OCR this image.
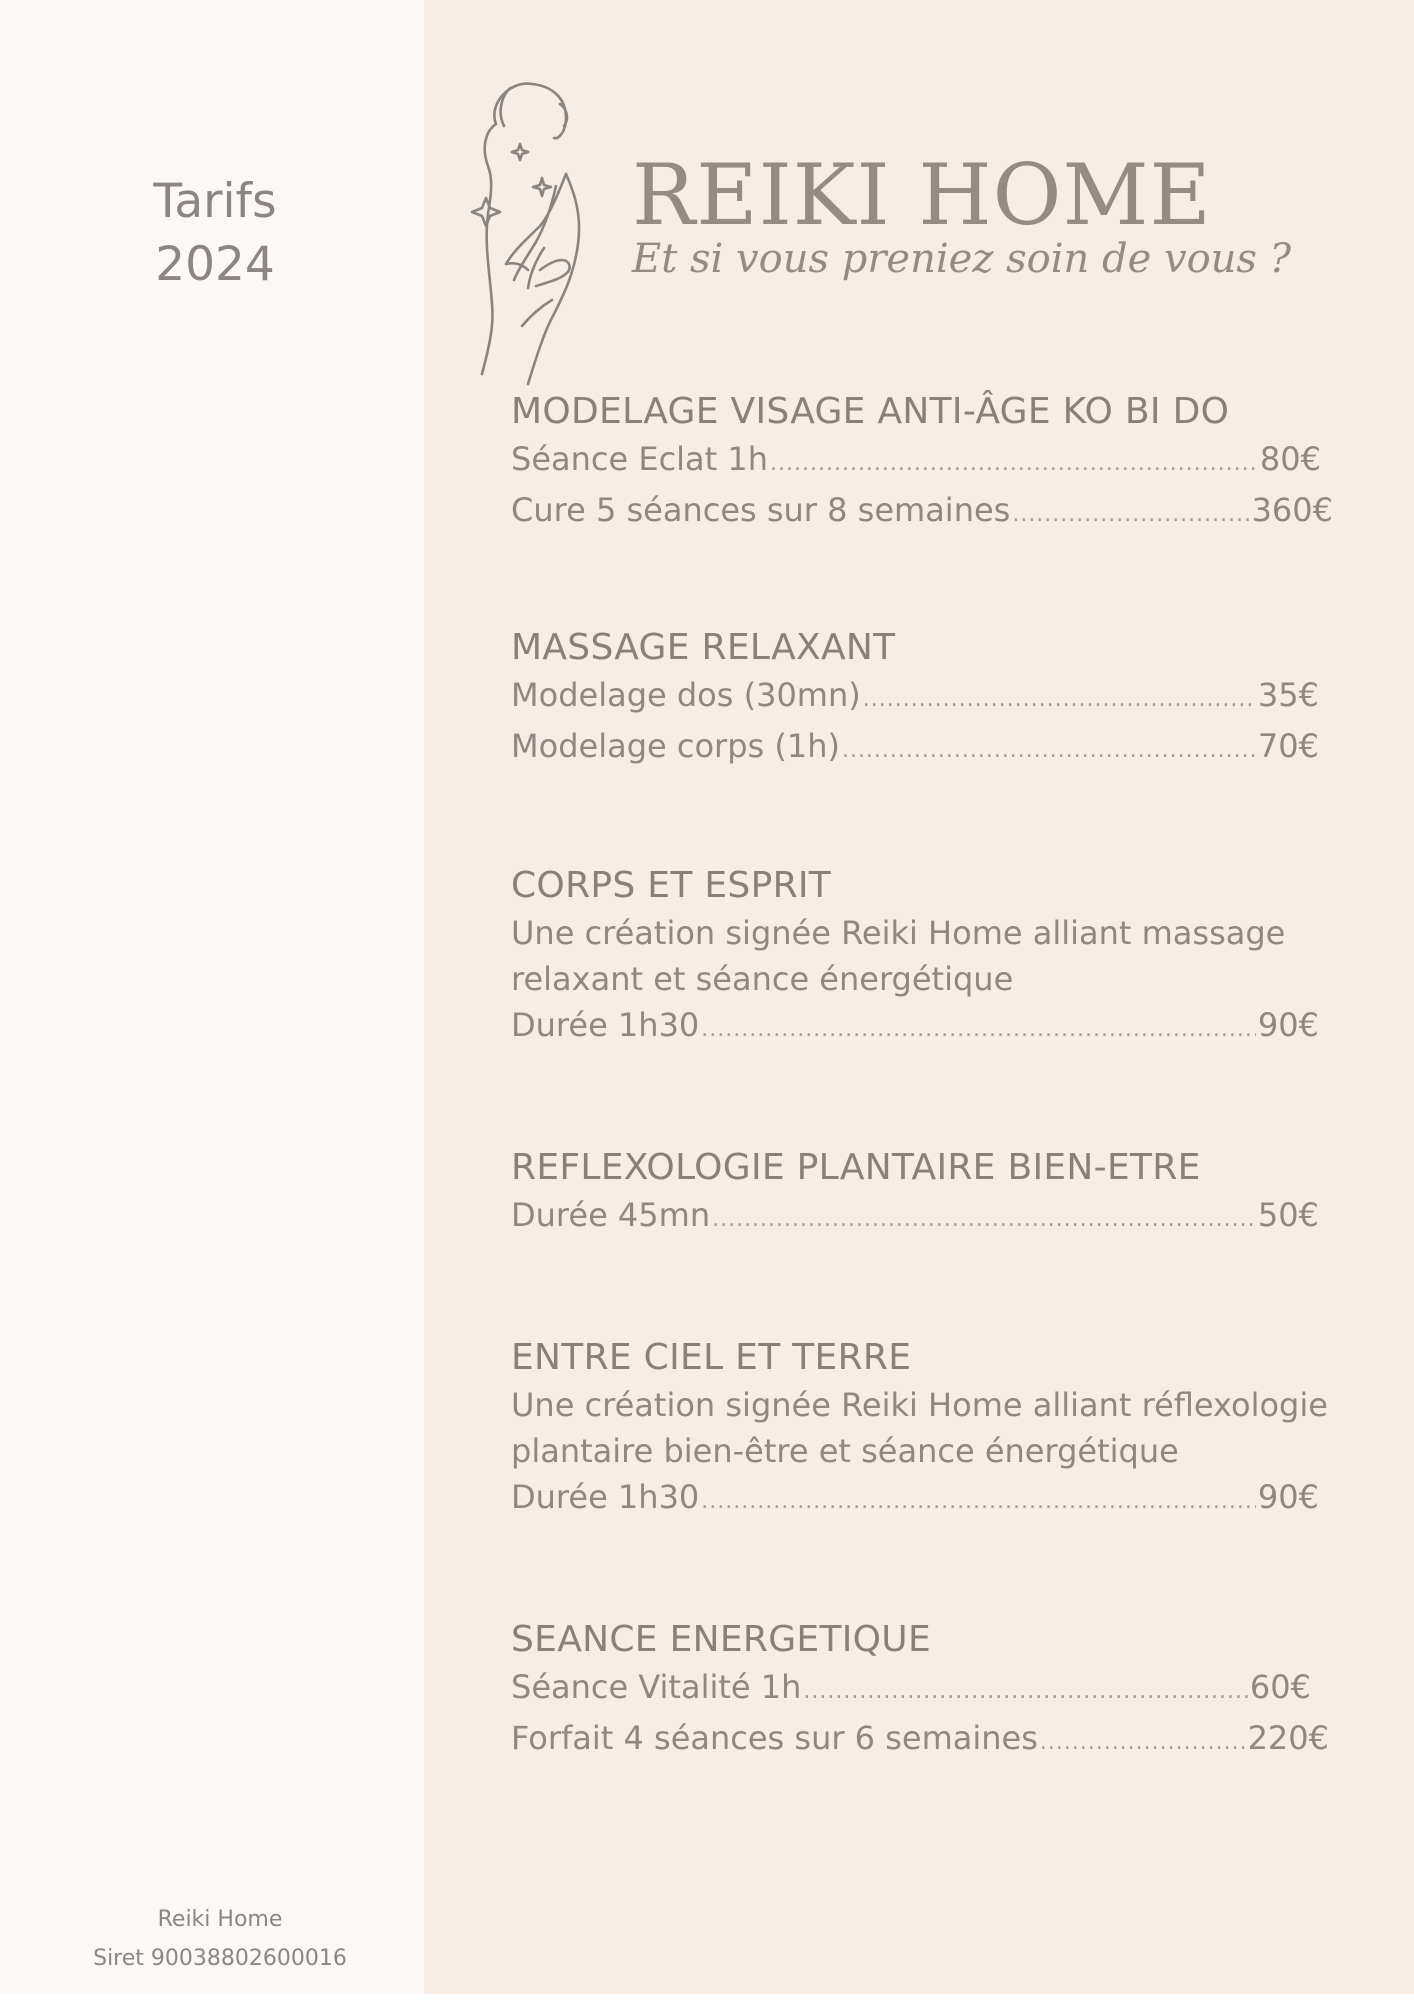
Tarifs
2024
Reiki Home
Siret 90038802600016
REIKI HOME
Et si vous preniez soin de vous ?
MODELAGE VISAGE ANTI-ÂGE KO BI DO
Séance Eclat 1h .....	80€
Cure 5 séances sur 8 semaines .....	360€
MASSAGE RELAXANT
Modelage dos (30mn) .....	35€
Modelage corps (1h) .....	70€
CORPS ET ESPRIT
Une création signée Reiki Home alliant massage
relaxant et séance énergétique
Durée 1h30 .....	90€
REFLEXOLOGIE PLANTAIRE BIEN-ETRE
Durée 45mn .....	50€
ENTRE CIEL ET TERRE
Une création signée Reiki Home alliant réflexologie
plantaire bien-être et séance énergétique
Durée 1h30 .....	90€
SEANCE ENERGETIQUE
Séance Vitalité 1h .....	60€
Forfait 4 séances sur 6 semaines .....	220€
